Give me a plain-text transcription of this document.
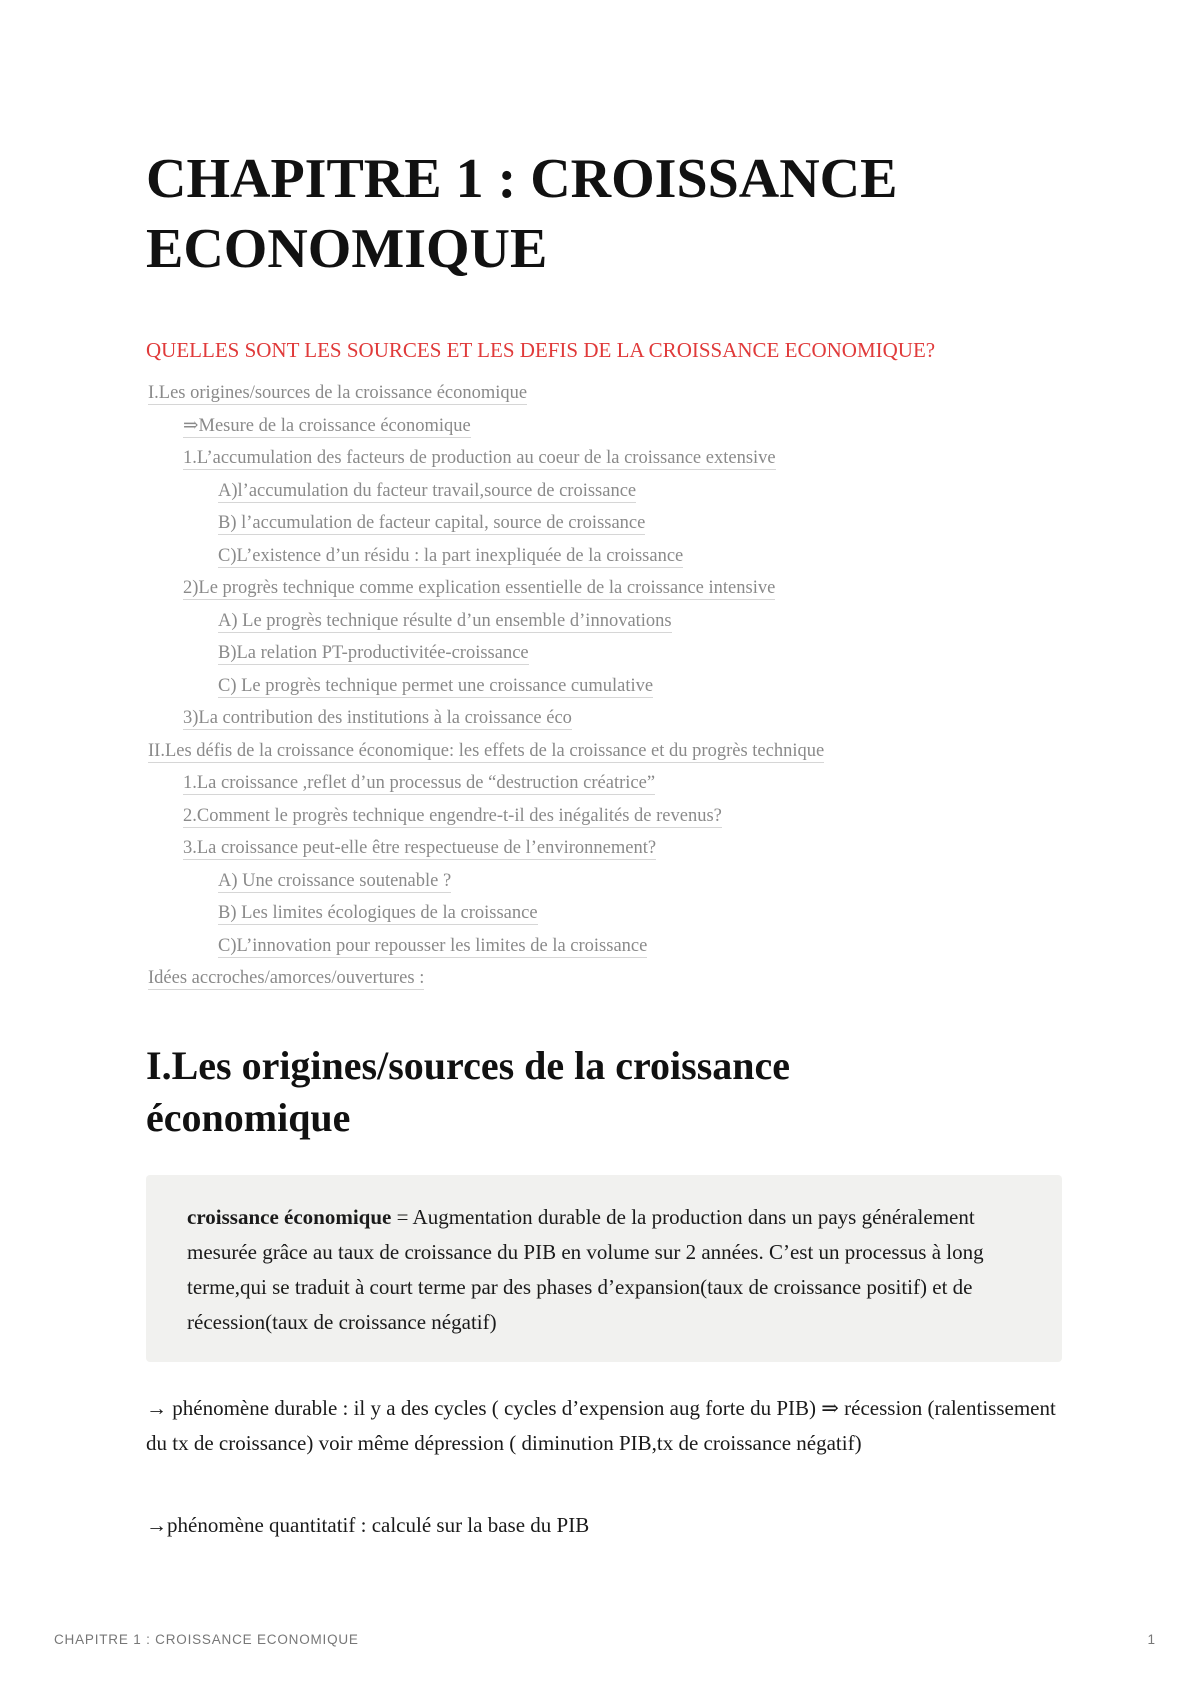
CHAPITRE 1 : CROISSANCE ECONOMIQUE

QUELLES SONT LES SOURCES ET LES DEFIS DE LA CROISSANCE ECONOMIQUE?

I.Les origines/sources de la croissance économique
⇒Mesure de la croissance économique
1.L’accumulation des facteurs de production au coeur de la croissance extensive
A)l’accumulation du facteur travail,source de croissance
B) l’accumulation de facteur capital, source de croissance
C)L’existence d’un résidu : la part inexpliquée de la croissance
2)Le progrès technique comme explication essentielle de la croissance intensive
A) Le progrès technique résulte d’un ensemble d’innovations
B)La relation PT-productivitée-croissance
C) Le progrès technique permet une croissance cumulative
3)La contribution des institutions à la croissance éco
II.Les défis de la croissance économique: les effets de la croissance et du progrès technique
1.La croissance ,reflet d’un processus de “destruction créatrice”
2.Comment le progrès technique engendre-t-il des inégalités de revenus?
3.La croissance peut-elle être respectueuse de l’environnement?
A) Une croissance soutenable ?
B) Les limites écologiques de la croissance
C)L’innovation pour repousser les limites de la croissance
Idées accroches/amorces/ouvertures :
I.Les origines/sources de la croissance économique
croissance économique = Augmentation durable de la production dans un pays généralement mesurée grâce au taux de croissance du PIB en volume sur 2 années. C’est un processus à long terme,qui se traduit à court terme par des phases d’expansion(taux de croissance positif) et de récession(taux de croissance négatif)

→ phénomène durable : il y a des cycles ( cycles d’expension aug forte du PIB) ⇒ récession (ralentissement du tx de croissance) voir même dépression ( diminution PIB,tx de croissance négatif)

→phénomène quantitatif : calculé sur la base du PIB

CHAPITRE 1 : CROISSANCE ECONOMIQUE	1
